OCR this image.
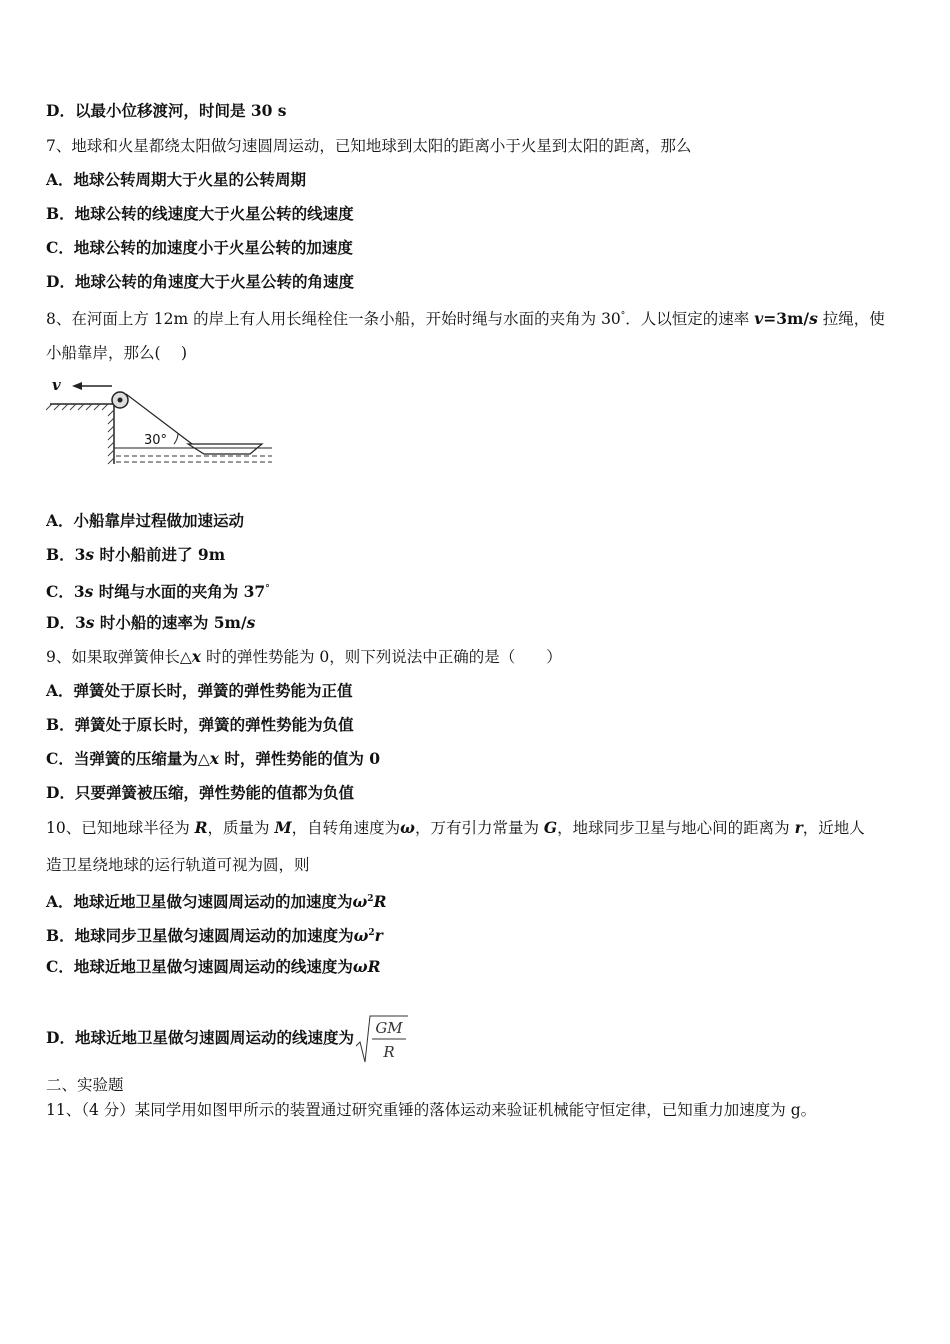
D．以最小位移渡河，时间是 30 s
7、地球和火星都绕太阳做匀速圆周运动，已知地球到太阳的距离小于火星到太阳的距离，那么
A．地球公转周期大于火星的公转周期
B．地球公转的线速度大于火星公转的线速度
C．地球公转的加速度小于火星公转的加速度
D．地球公转的角速度大于火星公转的角速度
8、在河面上方 12m 的岸上有人用长绳栓住一条小船，开始时绳与水面的夹角为 30°．人以恒定的速率 v=3m/s 拉绳，使
小船靠岸，那么(　 )
v
30°
A．小船靠岸过程做加速运动
B．3s 时小船前进了 9m
C．3s 时绳与水面的夹角为 37°
D．3s 时小船的速率为 5m/s
9、如果取弹簧伸长△x 时的弹性势能为 0，则下列说法中正确的是（　　）
A．弹簧处于原长时，弹簧的弹性势能为正值
B．弹簧处于原长时，弹簧的弹性势能为负值
C．当弹簧的压缩量为△x 时，弹性势能的值为 0
D．只要弹簧被压缩，弹性势能的值都为负值
10、已知地球半径为 R，质量为 M，自转角速度为ω，万有引力常量为 G，地球同步卫星与地心间的距离为 r，近地人
造卫星绕地球的运行轨道可视为圆，则
A．地球近地卫星做匀速圆周运动的加速度为$\omega^2R$
B．地球同步卫星做匀速圆周运动的加速度为$\omega^2r$
C．地球近地卫星做匀速圆周运动的线速度为ωR
D．地球近地卫星做匀速圆周运动的线速度为 GM
R
二、实验题
11、（4 分）某同学用如图甲所示的装置通过研究重锤的落体运动来验证机械能守恒定律，已知重力加速度为 g。
